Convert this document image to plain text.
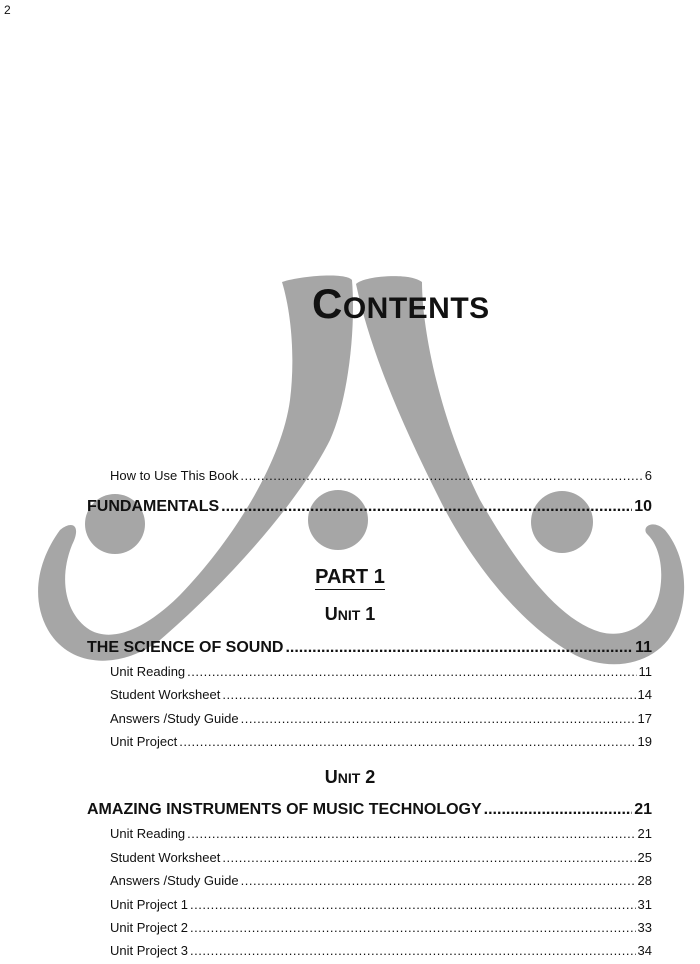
2
CONTENTS
How to Use This Book .....	6
FUNDAMENTALS .....	10
PART 1
UNIT 1
THE SCIENCE OF SOUND .....	11
Unit Reading .....	11
Student Worksheet .....	14
Answers /Study Guide .....	17
Unit Project .....	19
UNIT 2
AMAZING INSTRUMENTS OF MUSIC TECHNOLOGY .....	21
Unit Reading .....	21
Student Worksheet .....	25
Answers /Study Guide .....	28
Unit Project 1 .....	31
Unit Project 2 .....	33
Unit Project 3 .....	34
